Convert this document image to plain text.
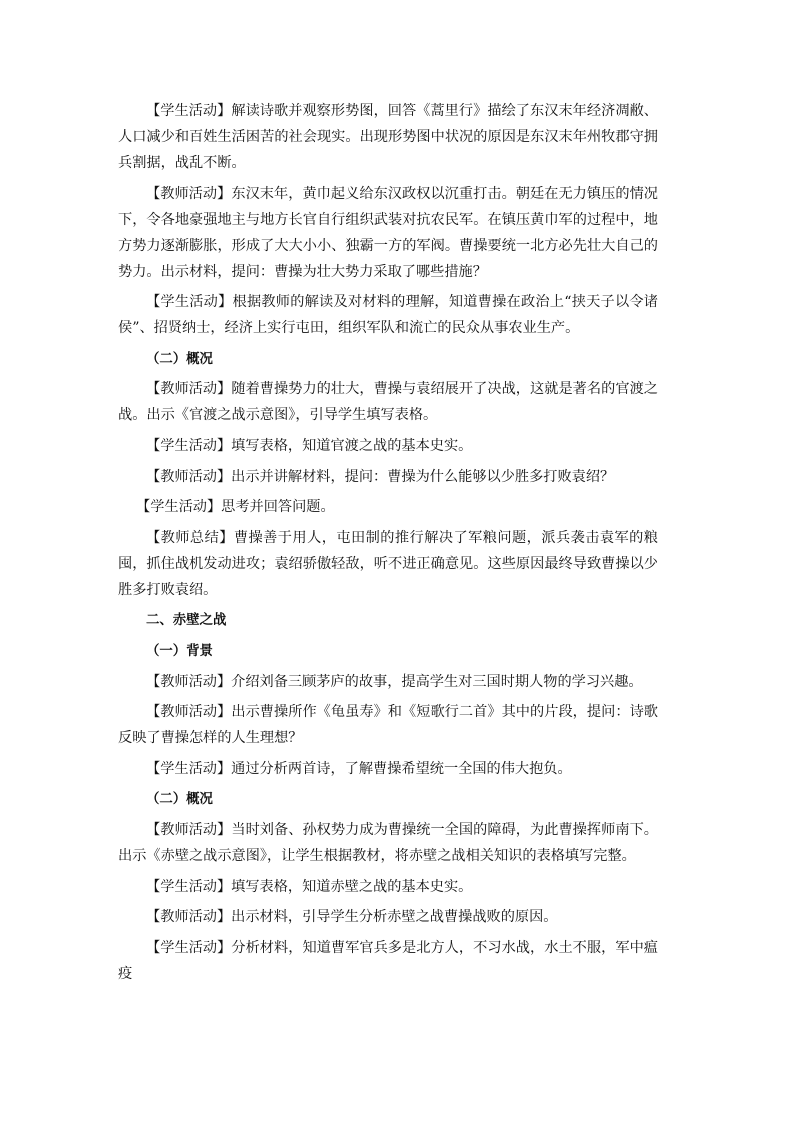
【学生活动】解读诗歌并观察形势图，回答《蒿里行》描绘了东汉末年经济凋敝、人口减少和百姓生活困苦的社会现实。出现形势图中状况的原因是东汉末年州牧郡守拥兵割据，战乱不断。

【教师活动】东汉末年，黄巾起义给东汉政权以沉重打击。朝廷在无力镇压的情况下，令各地豪强地主与地方长官自行组织武装对抗农民军。在镇压黄巾军的过程中，地方势力逐渐膨胀，形成了大大小小、独霸一方的军阀。曹操要统一北方必先壮大自己的势力。出示材料，提问：曹操为壮大势力采取了哪些措施？

【学生活动】根据教师的解读及对材料的理解，知道曹操在政治上“挟天子以令诸侯”、招贤纳士，经济上实行屯田，组织军队和流亡的民众从事农业生产。

（二）概况

【教师活动】随着曹操势力的壮大，曹操与袁绍展开了决战，这就是著名的官渡之战。出示《官渡之战示意图》，引导学生填写表格。

【学生活动】填写表格，知道官渡之战的基本史实。

【教师活动】出示并讲解材料，提问：曹操为什么能够以少胜多打败袁绍？

【学生活动】思考并回答问题。

【教师总结】曹操善于用人，屯田制的推行解决了军粮问题，派兵袭击袁军的粮囤，抓住战机发动进攻；袁绍骄傲轻敌，听不进正确意见。这些原因最终导致曹操以少胜多打败袁绍。

二、赤壁之战

（一）背景

【教师活动】介绍刘备三顾茅庐的故事，提高学生对三国时期人物的学习兴趣。

【教师活动】出示曹操所作《龟虽寿》和《短歌行二首》其中的片段，提问：诗歌反映了曹操怎样的人生理想？

【学生活动】通过分析两首诗，了解曹操希望统一全国的伟大抱负。

（二）概况

【教师活动】当时刘备、孙权势力成为曹操统一全国的障碍，为此曹操挥师南下。出示《赤壁之战示意图》，让学生根据教材，将赤壁之战相关知识的表格填写完整。

【学生活动】填写表格，知道赤壁之战的基本史实。

【教师活动】出示材料，引导学生分析赤壁之战曹操战败的原因。

【学生活动】分析材料，知道曹军官兵多是北方人，不习水战，水土不服，军中瘟疫
